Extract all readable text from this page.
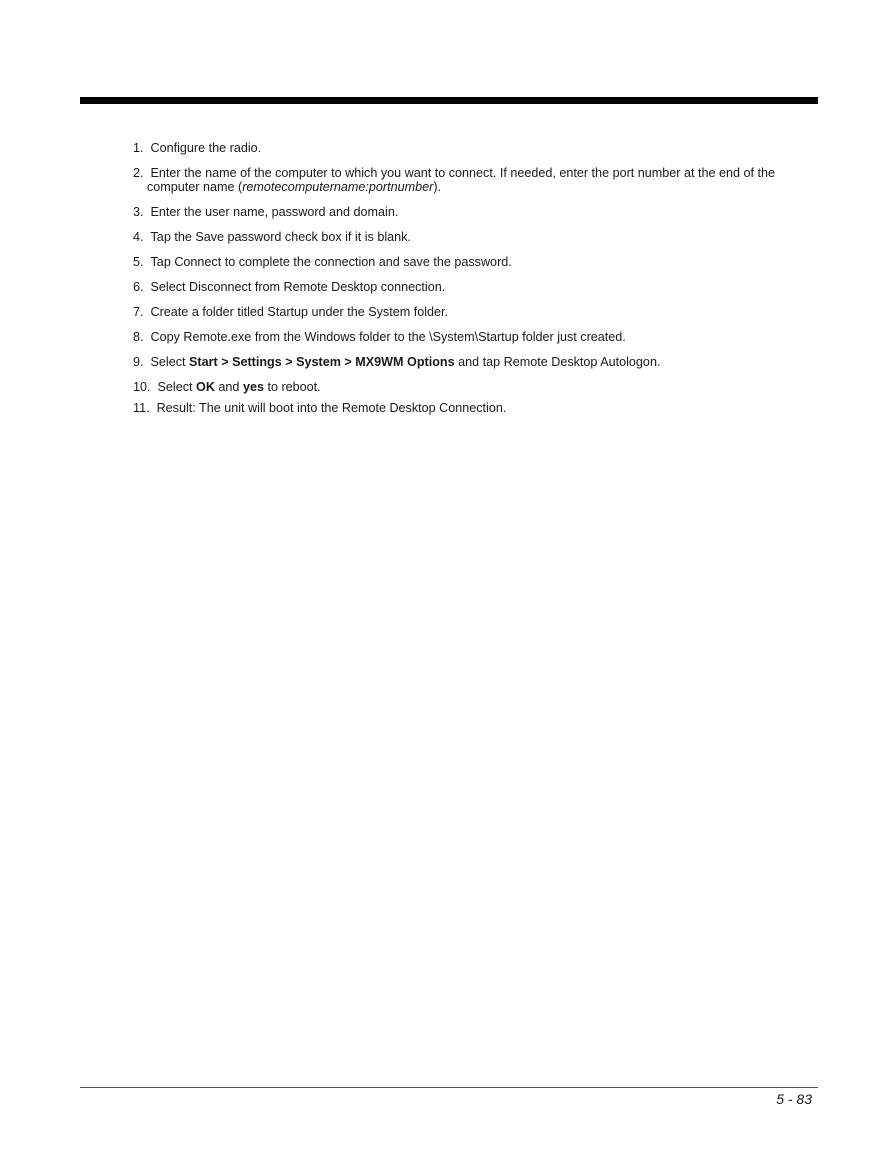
1.
Configure the radio.
2. Enter the name of the computer to which you want to connect. If needed, enter the port number at the end of the
computer name (remotecomputername:portnumber).
3.
Enter the user name, password and domain.
4.
Tap the Save password check box if it is blank.
5.
Tap Connect to complete the connection and save the password.
6.
Select Disconnect from Remote Desktop connection.
7.
Create a folder titled Startup under the System folder.
8.
Copy Remote.exe from the Windows folder to the \System\Startup folder just created.
9.
Select Start > Settings > System > MX9WM Options and tap Remote Desktop Autologon.
10.
Select OK and yes to reboot.
11.
Result: The unit will boot into the Remote Desktop Connection.
5 - 83
